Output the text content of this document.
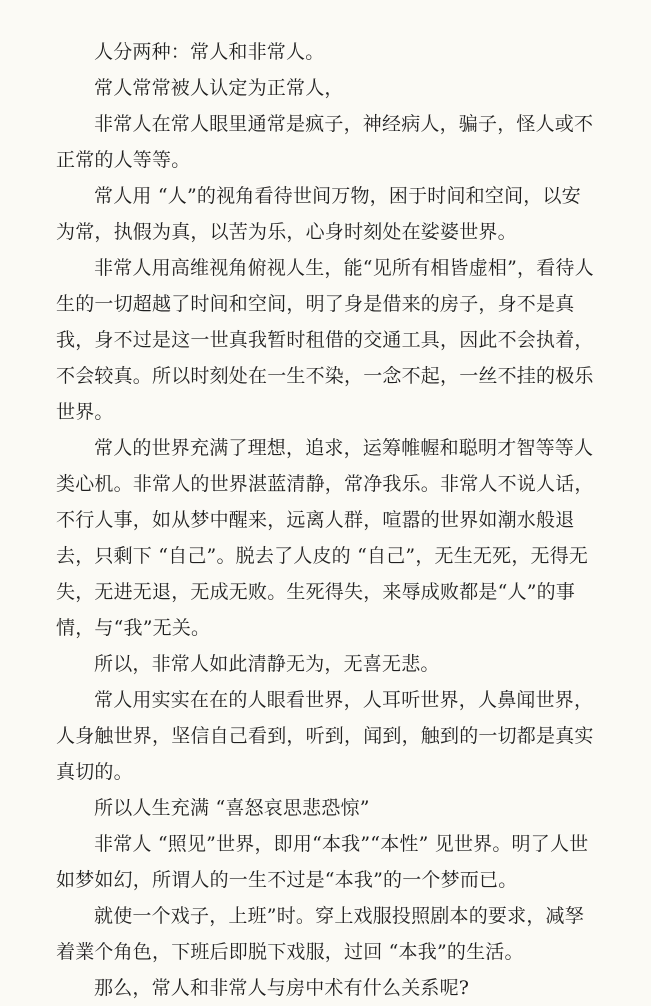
人分两种：常人和非常人。

常人常常被人认定为正常人，

非常人在常人眼里通常是疯子，神经病人，骗子，怪人或不正常的人等等。

常人用 “人”的视角看待世间万物，困于时间和空间，以安为常，执假为真，以苦为乐，心身时刻处在娑婆世界。

非常人用高维视角俯视人生，能“见所有相皆虚相”，看待人生的一切超越了时间和空间，明了身是借来的房子，身不是真我，身不过是这一世真我暂时租借的交通工具，因此不会执着，不会较真。所以时刻处在一生不染，一念不起，一丝不挂的极乐世界。

常人的世界充满了理想，追求，运筹帷幄和聪明才智等等人类心机。非常人的世界湛蓝清静，常净我乐。非常人不说人话，不行人事，如从梦中醒来，远离人群，喧嚣的世界如潮水般退去，只剩下 “自己”。脱去了人皮的 “自己”，无生无死，无得无失，无进无退，无成无败。生死得失，来辱成败都是“人”的事情，与“我”无关。

所以，非常人如此清静无为，无喜无悲。

常人用实实在在的人眼看世界，人耳听世界，人鼻闻世界，人身触世界，坚信自己看到，听到，闻到，触到的一切都是真实真切的。

所以人生充满 “喜怒哀思悲恐惊”

非常人 “照见”世界，即用“本我”“本性” 见世界。明了人世如梦如幻，所谓人的一生不过是“本我”的一个梦而已。

就使一个戏子，上班”时。穿上戏服投照剧本的要求，减孥着業个角色，下班后即脱下戏服，过回 “本我”的生活。

那么，常人和非常人与房中术有什么关系呢?
